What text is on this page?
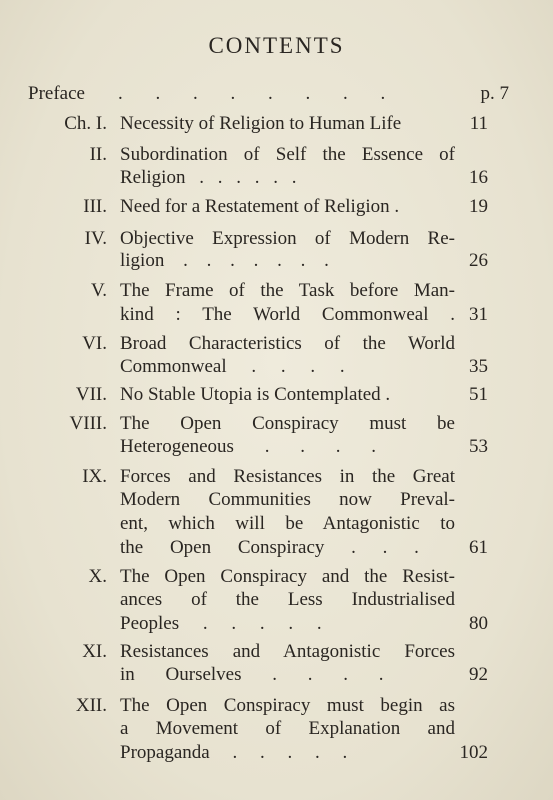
CONTENTS
Preface . . . . . . . .	p. 7
Ch. I. Necessity of Religion to Human Life	11
II. Subordination of Self the Essence of
Religion . . . . . .	16
III. Need for a Restatement of Religion .	19
IV. Objective Expression of Modern Re-
ligion . . . . . . .	26
V. The Frame of the Task before Man-
kind : The World Commonweal . 31
VI. Broad Characteristics of the World
Commonweal . . . .	35
VII. No Stable Utopia is Contemplated .	51
VIII. The Open Conspiracy must be
Heterogeneous . . . .	53
IX. Forces and Resistances in the Great
Modern Communities now Preval-
ent, which will be Antagonistic to
the Open Conspiracy . . .	61
X. The Open Conspiracy and the Resist-
ances of the Less Industrialised
Peoples . . . . .	80
XI. Resistances and Antagonistic Forces
in Ourselves . . . .	92
XII. The Open Conspiracy must begin as
a Movement of Explanation and
Propaganda . . . . .	102
